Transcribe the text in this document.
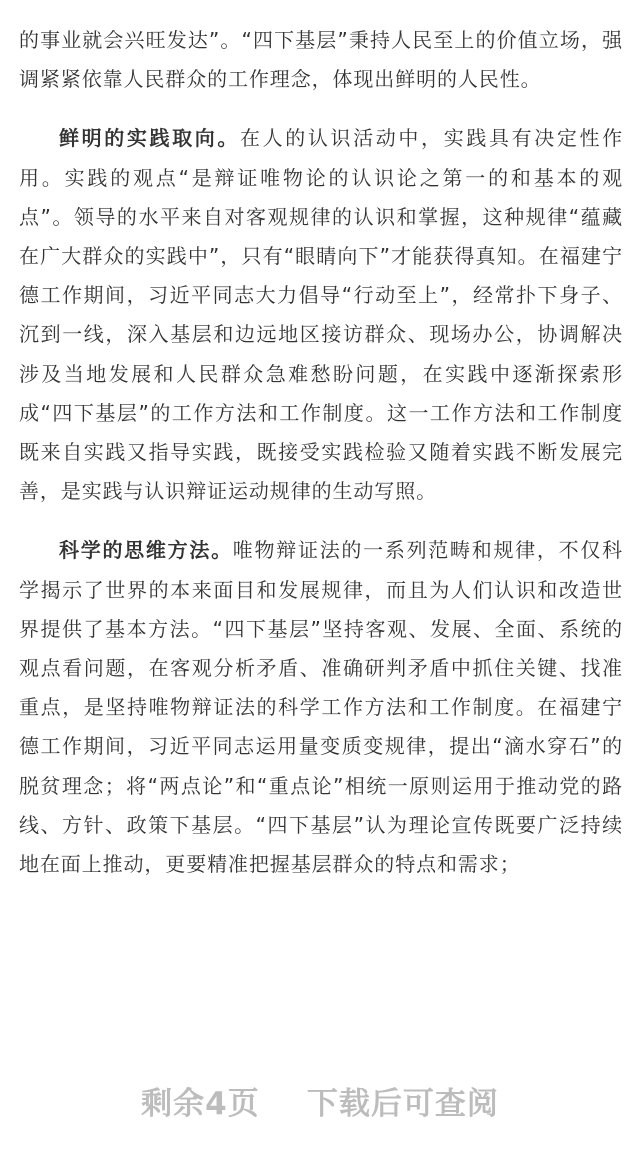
的事业就会兴旺发达”。“四下基层”秉持人民至上的价值立场，强调紧紧依靠人民群众的工作理念，体现出鲜明的人民性。

鲜明的实践取向。在人的认识活动中，实践具有决定性作用。实践的观点“是辩证唯物论的认识论之第一的和基本的观点”。领导的水平来自对客观规律的认识和掌握，这种规律“蕴藏在广大群众的实践中”，只有“眼睛向下”才能获得真知。在福建宁德工作期间，习近平同志大力倡导“行动至上”，经常扑下身子、沉到一线，深入基层和边远地区接访群众、现场办公，协调解决涉及当地发展和人民群众急难愁盼问题，在实践中逐渐探索形成“四下基层”的工作方法和工作制度。这一工作方法和工作制度既来自实践又指导实践，既接受实践检验又随着实践不断发展完善，是实践与认识辩证运动规律的生动写照。

科学的思维方法。唯物辩证法的一系列范畴和规律，不仅科学揭示了世界的本来面目和发展规律，而且为人们认识和改造世界提供了基本方法。“四下基层”坚持客观、发展、全面、系统的观点看问题，在客观分析矛盾、准确研判矛盾中抓住关键、找准重点，是坚持唯物辩证法的科学工作方法和工作制度。在福建宁德工作期间，习近平同志运用量变质变规律，提出“滴水穿石”的脱贫理念；将“两点论”和“重点论”相统一原则运用于推动党的路线、方针、政策下基层。“四下基层”认为理论宣传既要广泛持续地在面上推动，更要精准把握基层群众的特点和需求；

剩余4页 下载后可查阅
